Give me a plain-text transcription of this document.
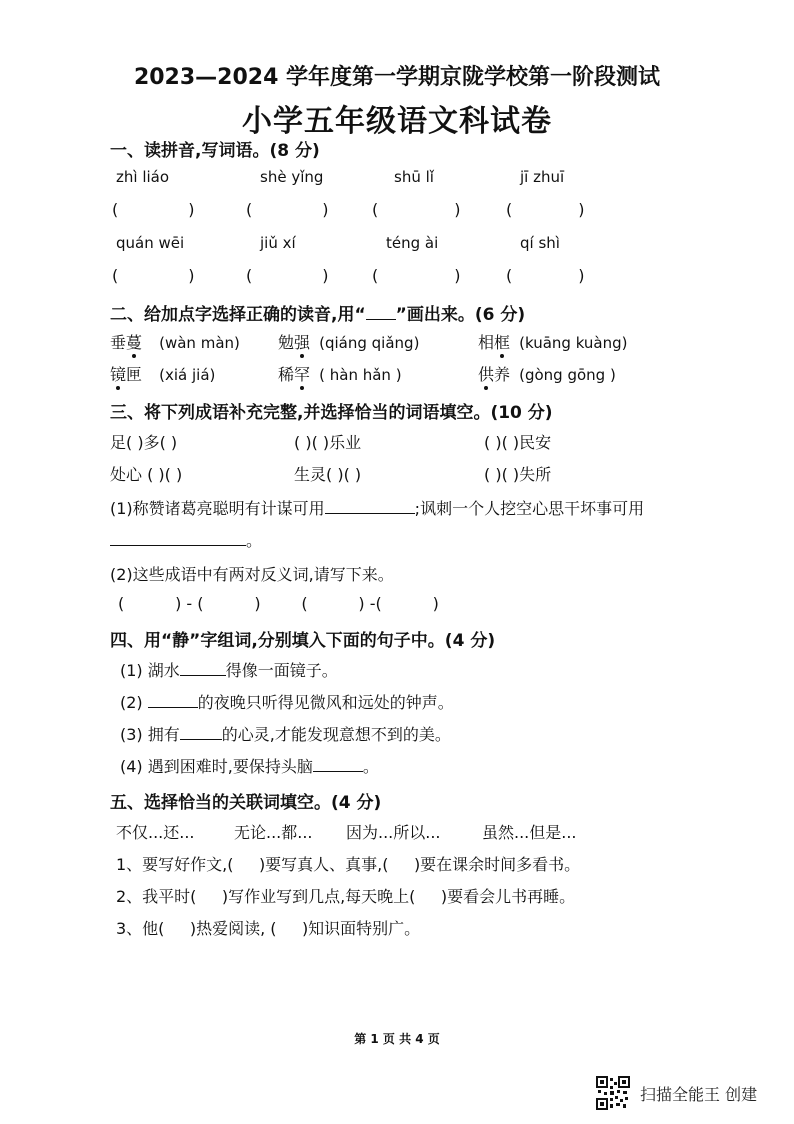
2023—2024 学年度第一学期京陇学校第一阶段测试
小学五年级语文科试卷
一、读拼音,写词语。(8 分)
zhì liáo	shè yǐng	shū lǐ	jī zhuī
(	)	(	)	(	)	(	)
quán wēi	jiǔ xí	téng ài	qí shì
(	)	(	)	(	)	(	)
二、给加点字选择正确的读音,用“ ”画出来。(6 分)
垂蔓 (wàn màn) 勉强 (qiáng qiǎng)	相框 (kuāng kuàng)
镜匣 (xiá jiá)	稀罕 ( hàn hǎn )	供养 (gòng gōng )
三、将下列成语补充完整,并选择恰当的词语填空。(10 分)
足( )多( )	( )( )乐业	( )( )民安
处心 ( )( )	生灵( )( )	( )( )失所
(1)称赞诸葛亮聪明有计谋可用	;讽刺一个人挖空心思干坏事可用
。
(2)这些成语中有两对反义词,请写下来。
(          ) - (          )        (          ) -(          )
四、用“静”字组词,分别填入下面的句子中。(4 分)
(1) 湖水	得像一面镜子。
(2)	的夜晚只听得见微风和远处的钟声。
(3) 拥有	的心灵,才能发现意想不到的美。
(4) 遇到困难时,要保持头脑	。
五、选择恰当的关联词填空。(4 分)
不仅...还... 无论...都... 因为...所以...	虽然...但是...
1、要写好作文,(     )要写真人、真事,(     )要在课余时间多看书。
2、我平时(     )写作业写到几点,每天晚上(     )要看会儿书再睡。
3、他(     )热爱阅读, (     )知识面特别广。
第 1 页 共 4 页
扫描全能王 创建
